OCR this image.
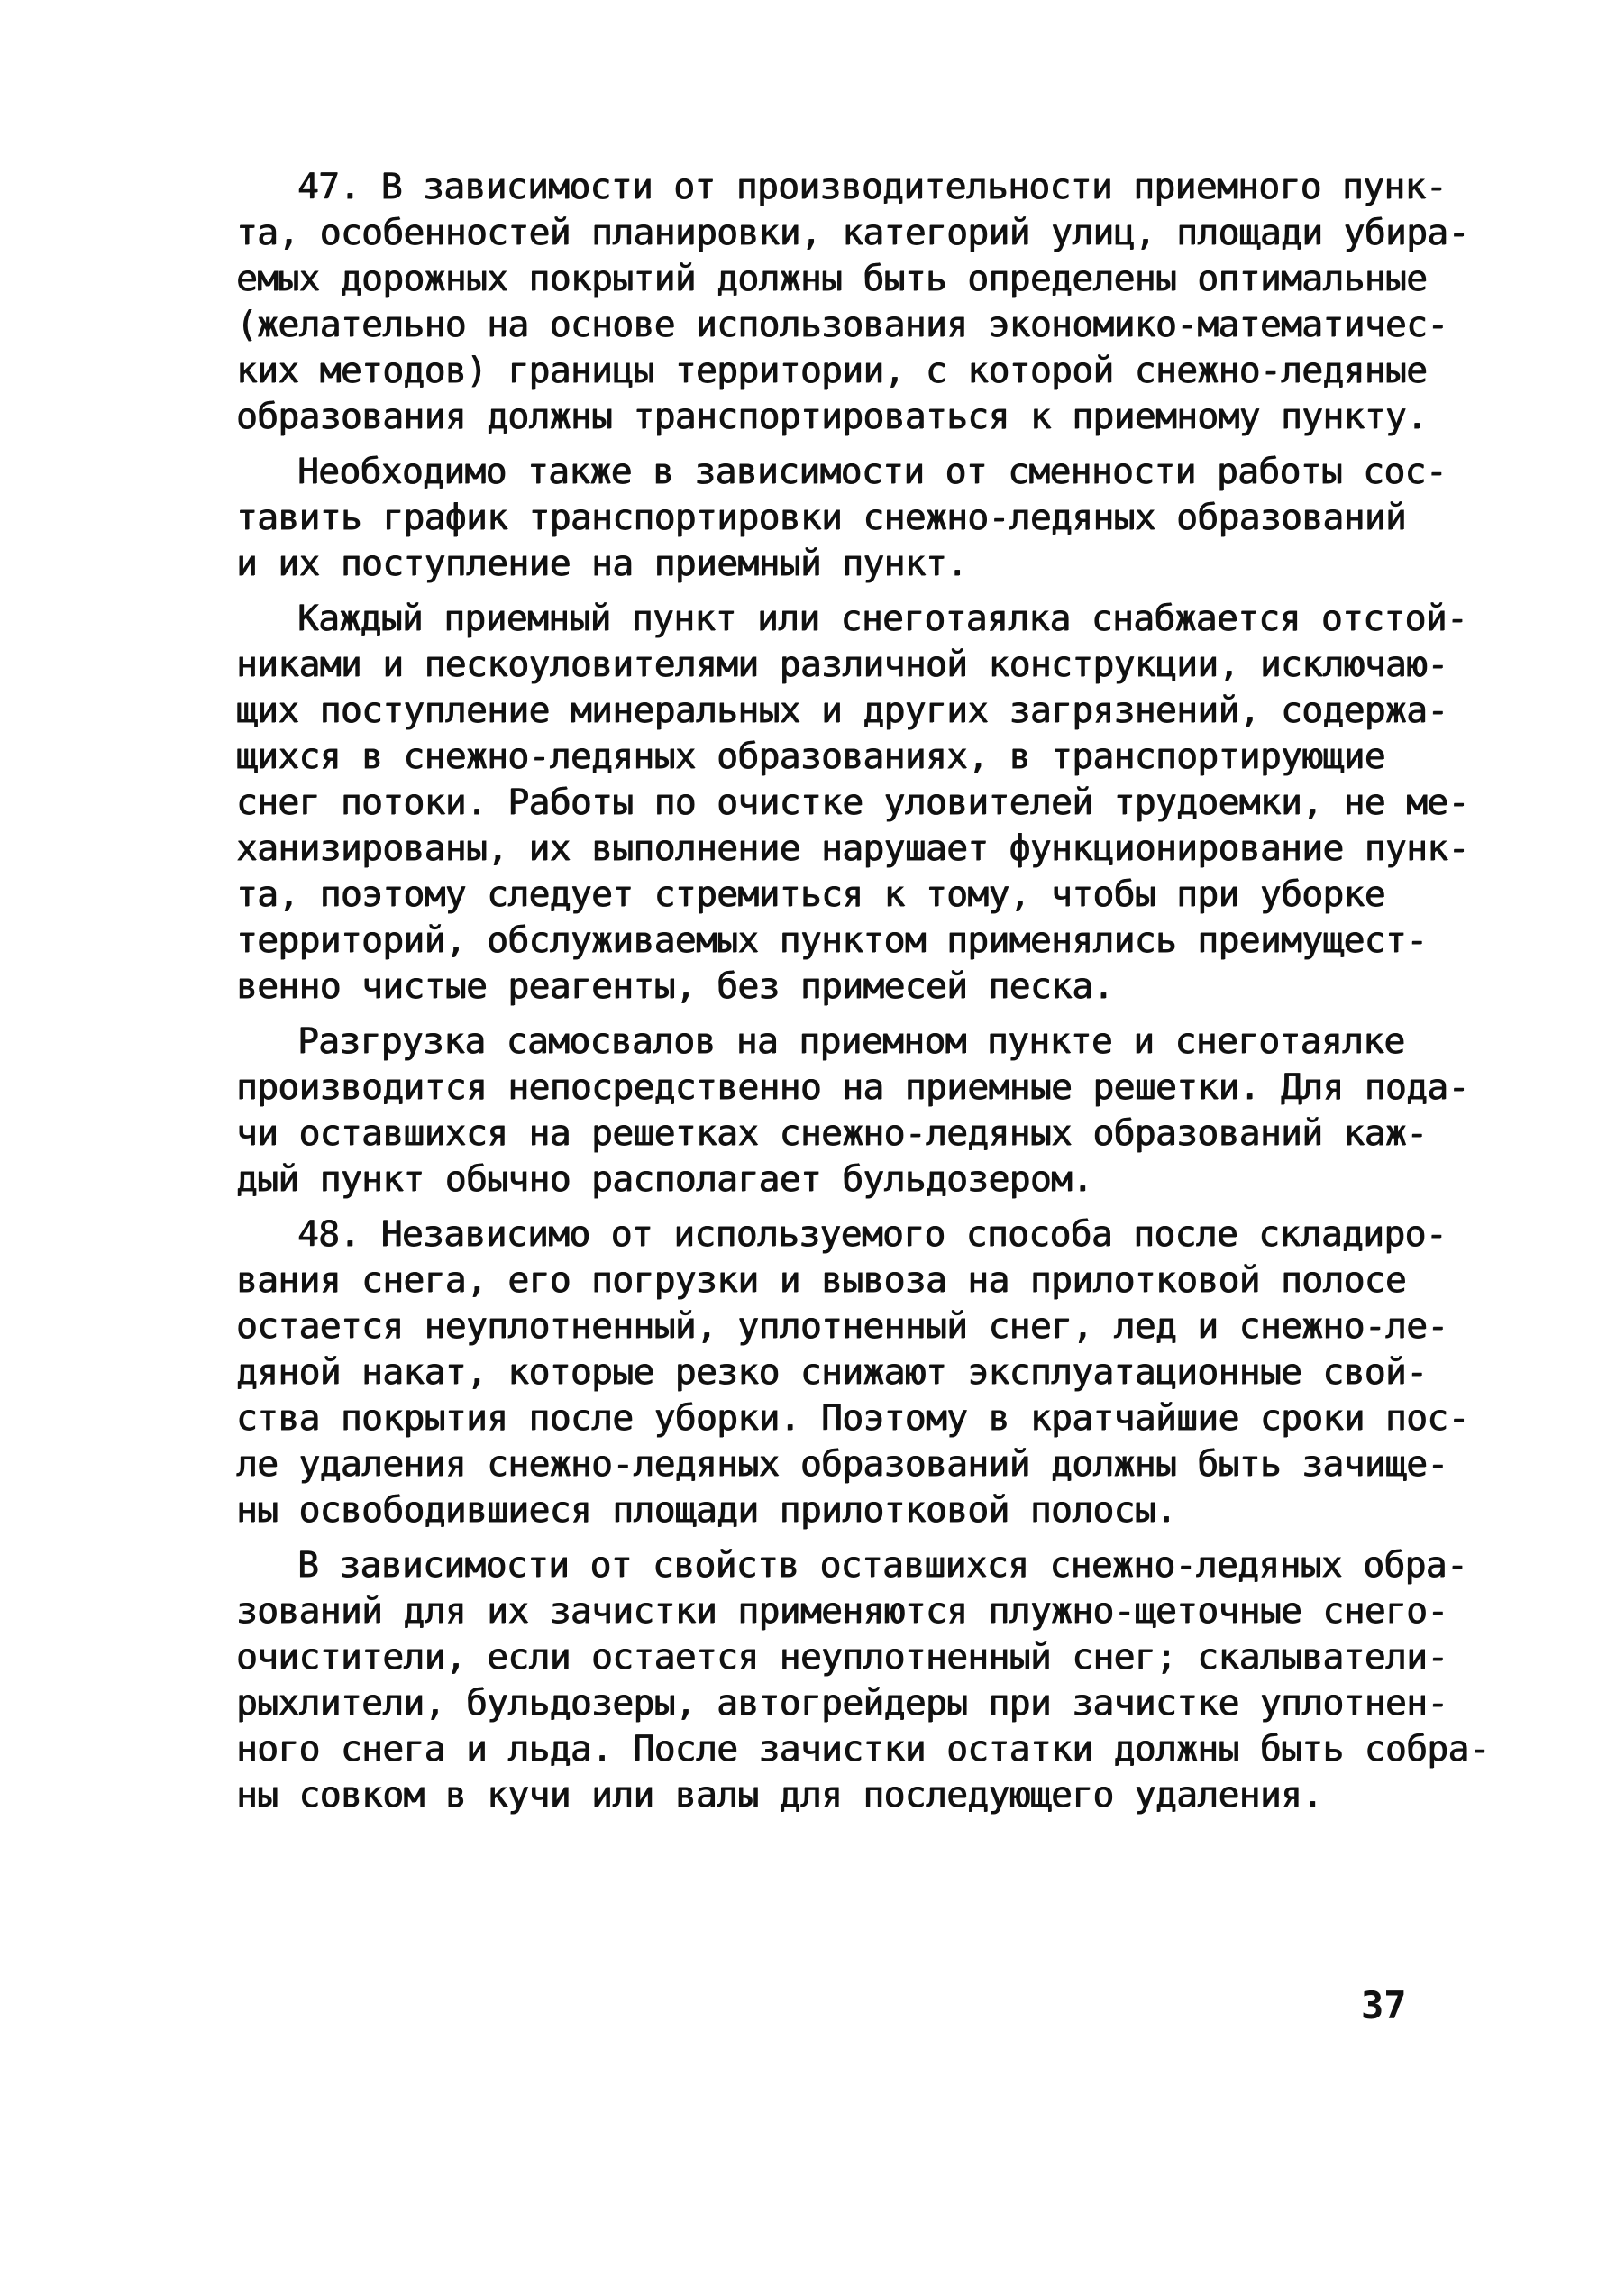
47. В зависимости от производительности приемного пунк-
та, особенностей планировки, категорий улиц, площади убира-
емых дорожных покрытий должны быть определены оптимальные
(желательно на основе использования экономико-математичес-
ких методов) границы территории, с которой снежно-ледяные
образования должны транспортироваться к приемному пункту.
Необходимо также в зависимости от сменности работы сос-
тавить график транспортировки снежно-ледяных образований
и их поступление на приемный пункт.
Каждый приемный пункт или снеготаялка снабжается отстой-
никами и пескоуловителями различной конструкции, исключаю-
щих поступление минеральных и других загрязнений, содержа-
щихся в снежно-ледяных образованиях, в транспортирующие
снег потоки. Работы по очистке уловителей трудоемки, не ме-
ханизированы, их выполнение нарушает функционирование пунк-
та, поэтому следует стремиться к тому, чтобы при уборке
территорий, обслуживаемых пунктом применялись преимущест-
венно чистые реагенты, без примесей песка.
Разгрузка самосвалов на приемном пункте и снеготаялке
производится непосредственно на приемные решетки. Для пода-
чи оставшихся на решетках снежно-ледяных образований каж-
дый пункт обычно располагает бульдозером.
48. Независимо от используемого способа после складиро-
вания снега, его погрузки и вывоза на прилотковой полосе
остается неуплотненный, уплотненный снег, лед и снежно-ле-
дяной накат, которые резко снижают эксплуатационные свой-
ства покрытия после уборки. Поэтому в кратчайшие сроки пос-
ле удаления снежно-ледяных образований должны быть зачище-
ны освободившиеся площади прилотковой полосы.
В зависимости от свойств оставшихся снежно-ледяных обра-
зований для их зачистки применяются плужно-щеточные снего-
очистители, если остается неуплотненный снег; скалыватели-
рыхлители, бульдозеры, автогрейдеры при зачистке уплотнен-
ного снега и льда. После зачистки остатки должны быть собра-
ны совком в кучи или валы для последующего удаления.
37
